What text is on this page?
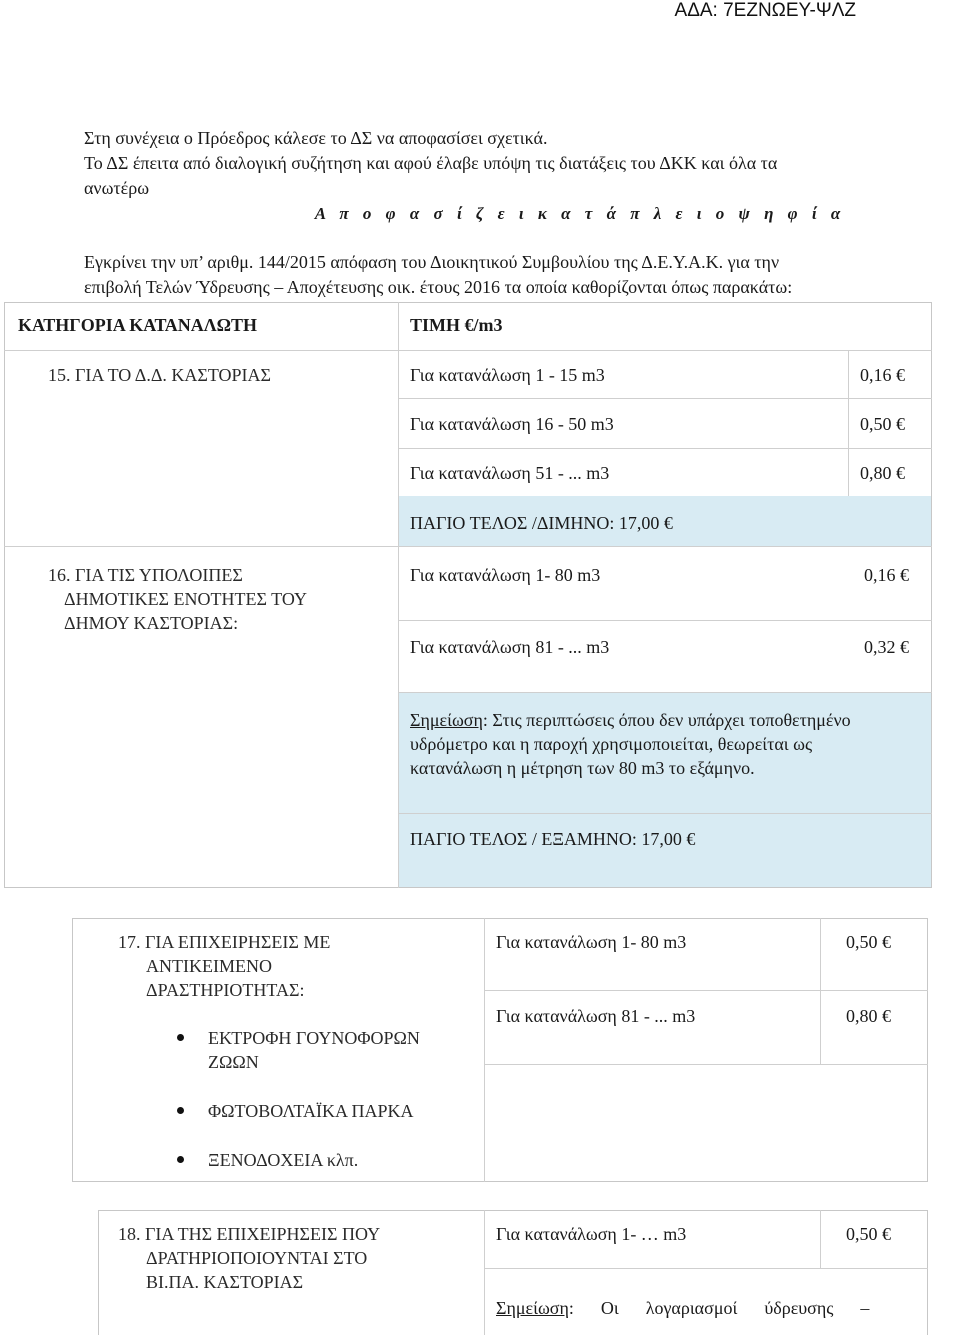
ΑΔΑ: 7ΕΖΝΩΕΥ-ΨΛΖ
Στη συνέχεια ο Πρόεδρος κάλεσε το ΔΣ να αποφασίσει σχετικά.
Το ΔΣ έπειτα από διαλογική συζήτηση και αφού έλαβε υπόψη τις διατάξεις του ΔΚΚ και όλα τα
ανωτέρω
Α π ο φ α σ ί ζ ε ι κ α τ ά π λ ε ι ο ψ η φ ί α
Εγκρίνει την υπ’ αριθμ. 144/2015 απόφαση του Διοικητικού Συμβουλίου της Δ.Ε.Υ.Α.Κ. για την
επιβολή Τελών Ύδρευσης – Αποχέτευσης οικ. έτους 2016 τα οποία καθορίζονται όπως παρακάτω:
ΚΑΤΗΓΟΡΙΑ ΚΑΤΑΝΑΛΩΤΗ	ΤΙΜΗ €/m3
15. ΓΙΑ ΤΟ Δ.Δ. ΚΑΣΤΟΡΙΑΣ	Για κατανάλωση 1 - 15 m3	0,16 €
Για κατανάλωση 16 - 50 m3	0,50 €
Για κατανάλωση 51 - ... m3	0,80 €
ΠΑΓΙΟ ΤΕΛΟΣ /ΔΙΜΗΝΟ: 17,00 €
16. ΓΙΑ ΤΙΣ ΥΠΟΛΟΙΠΕΣ
ΔΗΜΟΤΙΚΕΣ ΕΝΟΤΗΤΕΣ ΤΟΥ
ΔΗΜΟΥ ΚΑΣΤΟΡΙΑΣ:
Για κατανάλωση 1- 80 m3	0,16 €
Για κατανάλωση 81 - ... m3	0,32 €
Σημείωση: Στις περιπτώσεις όπου δεν υπάρχει τοποθετημένο
υδρόμετρο και η παροχή χρησιμοποιείται, θεωρείται ως
κατανάλωση η μέτρηση των 80 m3 το εξάμηνο.
ΠΑΓΙΟ ΤΕΛΟΣ / ΕΞΑΜΗΝΟ: 17,00 €
17. ΓΙΑ ΕΠΙΧΕΙΡΗΣΕΙΣ ΜΕ
ΑΝΤΙΚΕΙΜΕΝΟ
ΔΡΑΣΤΗΡΙΟΤΗΤΑΣ:
ΕΚΤΡΟΦΗ ΓΟΥΝΟΦΟΡΩΝ
ΖΩΩΝ
ΦΩΤΟΒΟΛΤΑΪΚΑ ΠΑΡΚΑ
ΞΕΝΟΔΟΧΕΙΑ κλπ.
Για κατανάλωση 1- 80 m3	0,50 €
Για κατανάλωση 81 - ... m3	0,80 €
18. ΓΙΑ ΤΗΣ ΕΠΙΧΕΙΡΗΣΕΙΣ ΠΟΥ
ΔΡΑΤΗΡΙΟΠΟΙΟΥΝΤΑΙ ΣΤΟ
ΒΙ.ΠΑ. ΚΑΣΤΟΡΙΑΣ
Για κατανάλωση 1- … m3	0,50 €
Σημείωση:      Οι      λογαριασμοί      ύδρευσης      –
